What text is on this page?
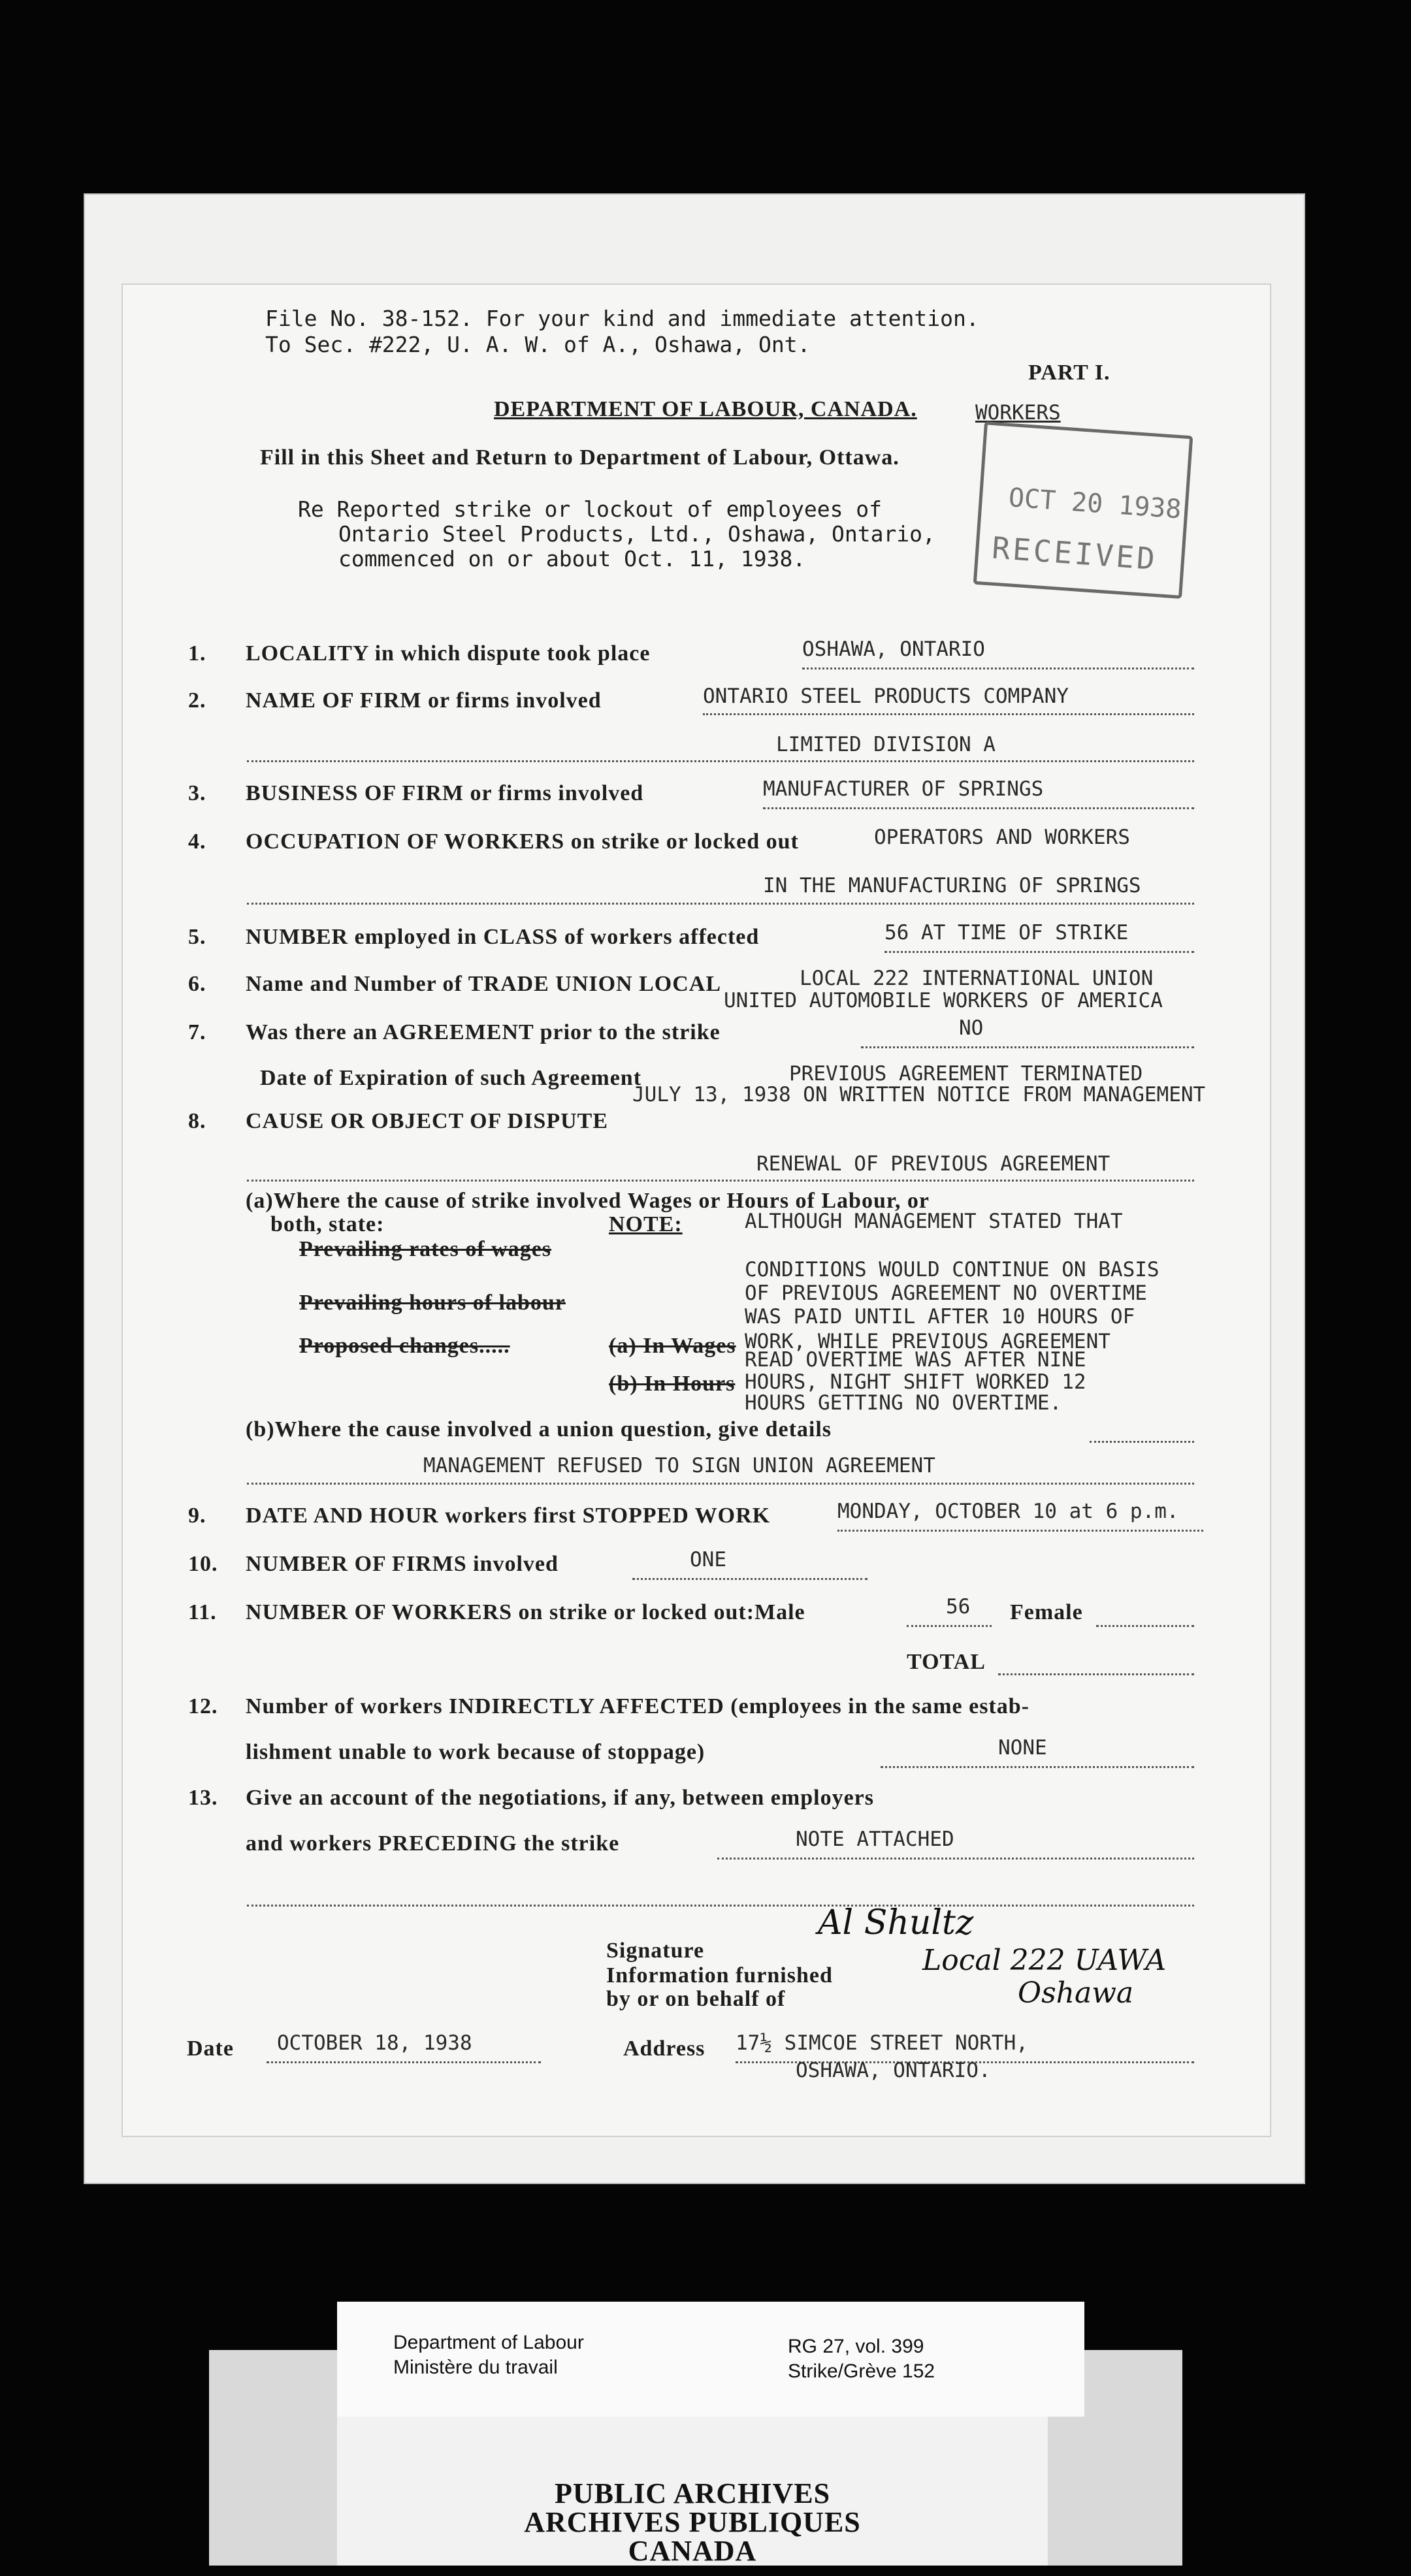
File No. 38-152. For your kind and immediate attention.
To Sec. #222, U. A. W. of A., Oshawa, Ont.
PART I.
DEPARTMENT OF LABOUR, CANADA.	WORKERS
Fill in this Sheet and Return to Department of Labour, Ottawa.
Re Reported strike or lockout of employees of
Ontario Steel Products, Ltd., Oshawa, Ontario,
commenced on or about Oct. 11, 1938.
OCT 20 1938
RECEIVED
1. LOCALITY in which dispute took place	OSHAWA, ONTARIO
2. NAME OF FIRM or firms involved	ONTARIO STEEL PRODUCTS COMPANY
LIMITED DIVISION A
3. BUSINESS OF FIRM or firms involved	MANUFACTURER OF SPRINGS
4. OCCUPATION OF WORKERS on strike or locked out	OPERATORS AND WORKERS
IN THE MANUFACTURING OF SPRINGS
5. NUMBER employed in CLASS of workers affected	56 AT TIME OF STRIKE
6. Name and Number of TRADE UNION LOCAL	LOCAL 222 INTERNATIONAL UNION
UNITED AUTOMOBILE WORKERS OF AMERICA
7. Was there an AGREEMENT prior to the strike	NO
Date of Expiration of such Agreement	PREVIOUS AGREEMENT TERMINATED
JULY 13, 1938 ON WRITTEN NOTICE FROM MANAGEMENT
8. CAUSE OR OBJECT OF DISPUTE
RENEWAL OF PREVIOUS AGREEMENT
(a)Where the cause of strike involved Wages or Hours of Labour, or
both, state:	NOTE:
Prevailing rates of wages
Prevailing hours of labour
Proposed changes.....	(a) In Wages
(b) In Hours
ALTHOUGH MANAGEMENT STATED THAT
CONDITIONS WOULD CONTINUE ON BASIS
OF PREVIOUS AGREEMENT NO OVERTIME
WAS PAID UNTIL AFTER 10 HOURS OF
WORK, WHILE PREVIOUS AGREEMENT
READ OVERTIME WAS AFTER NINE
HOURS, NIGHT SHIFT WORKED 12
HOURS GETTING NO OVERTIME.
(b)Where the cause involved a union question, give details
MANAGEMENT REFUSED TO SIGN UNION AGREEMENT
9. DATE AND HOUR workers first STOPPED WORK	MONDAY, OCTOBER 10 at 6 p.m.
10. NUMBER OF FIRMS involved	ONE
11. NUMBER OF WORKERS on strike or locked out:Male	56 Female
TOTAL
12. Number of workers INDIRECTLY AFFECTED (employees in the same estab-
lishment unable to work because of stoppage)	NONE
13. Give an account of the negotiations, if any, between employers
and workers PRECEDING the strike	NOTE ATTACHED
Signature
Al Shultz
Information furnished
by or on behalf of
Local 222 UAWA
Oshawa
Date OCTOBER 18, 1938	Address 17½ SIMCOE STREET NORTH,
OSHAWA, ONTARIO.
PUBLIC ARCHIVES
ARCHIVES PUBLIQUES
CANADA
Department of Labour
Ministère du travail
RG 27, vol. 399
Strike/Grève 152
